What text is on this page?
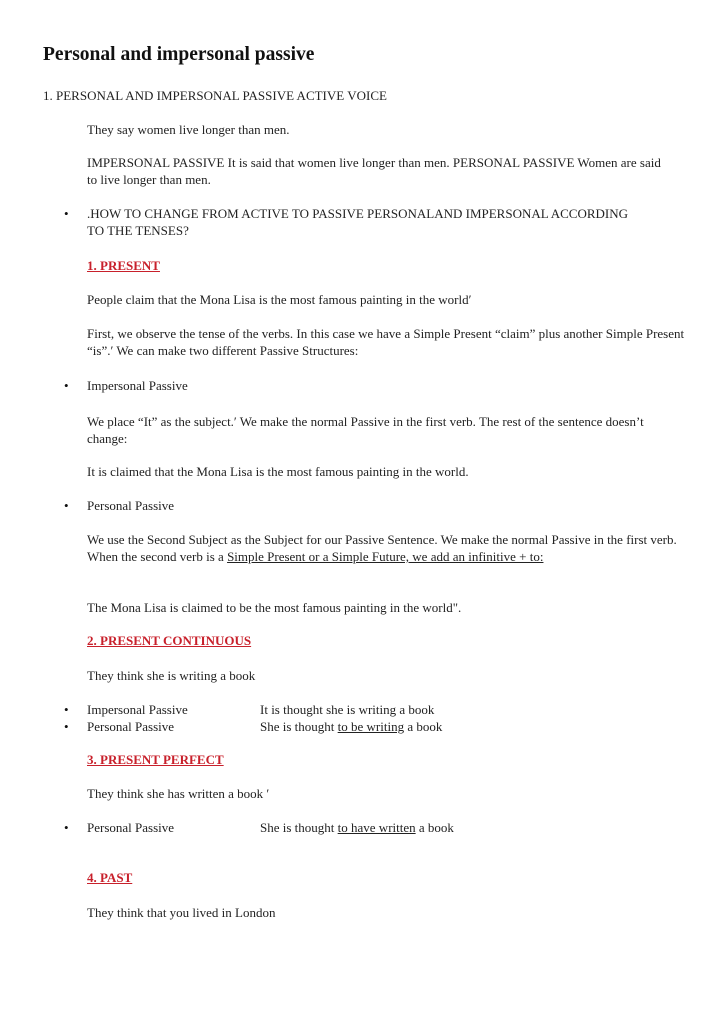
Personal and impersonal passive
1. PERSONAL AND IMPERSONAL PASSIVE ACTIVE VOICE
They say women live longer than men.
IMPERSONAL PASSIVE It is said that women live longer than men. PERSONAL PASSIVE Women are said to live longer than men.
• .HOW TO CHANGE FROM ACTIVE TO PASSIVE PERSONALAND IMPERSONAL ACCORDING TO THE TENSES?
1. PRESENT
People claim that the Mona Lisa is the most famous painting in the world′
First, we observe the tense of the verbs. In this case we have a Simple Present “claim” plus another Simple Present “is”.′ We can make two different Passive Structures:
• Impersonal Passive
We place “It” as the subject.′ We make the normal Passive in the first verb. The rest of the sentence doesn’t change:
It is claimed that the Mona Lisa is the most famous painting in the world.
• Personal Passive
We use the Second Subject as the Subject for our Passive Sentence. We make the normal Passive in the first verb. When the second verb is a Simple Present or a Simple Future, we add an infinitive + to:
The Mona Lisa is claimed to be the most famous painting in the world".
2. PRESENT CONTINUOUS
They think she is writing a book
• Impersonal Passive	It is thought she is writing a book
• Personal Passive	She is thought to be writing a book
3. PRESENT PERFECT
They think she has written a book ′
• Personal Passive	She is thought to have written a book
4. PAST
They think that you lived in London
